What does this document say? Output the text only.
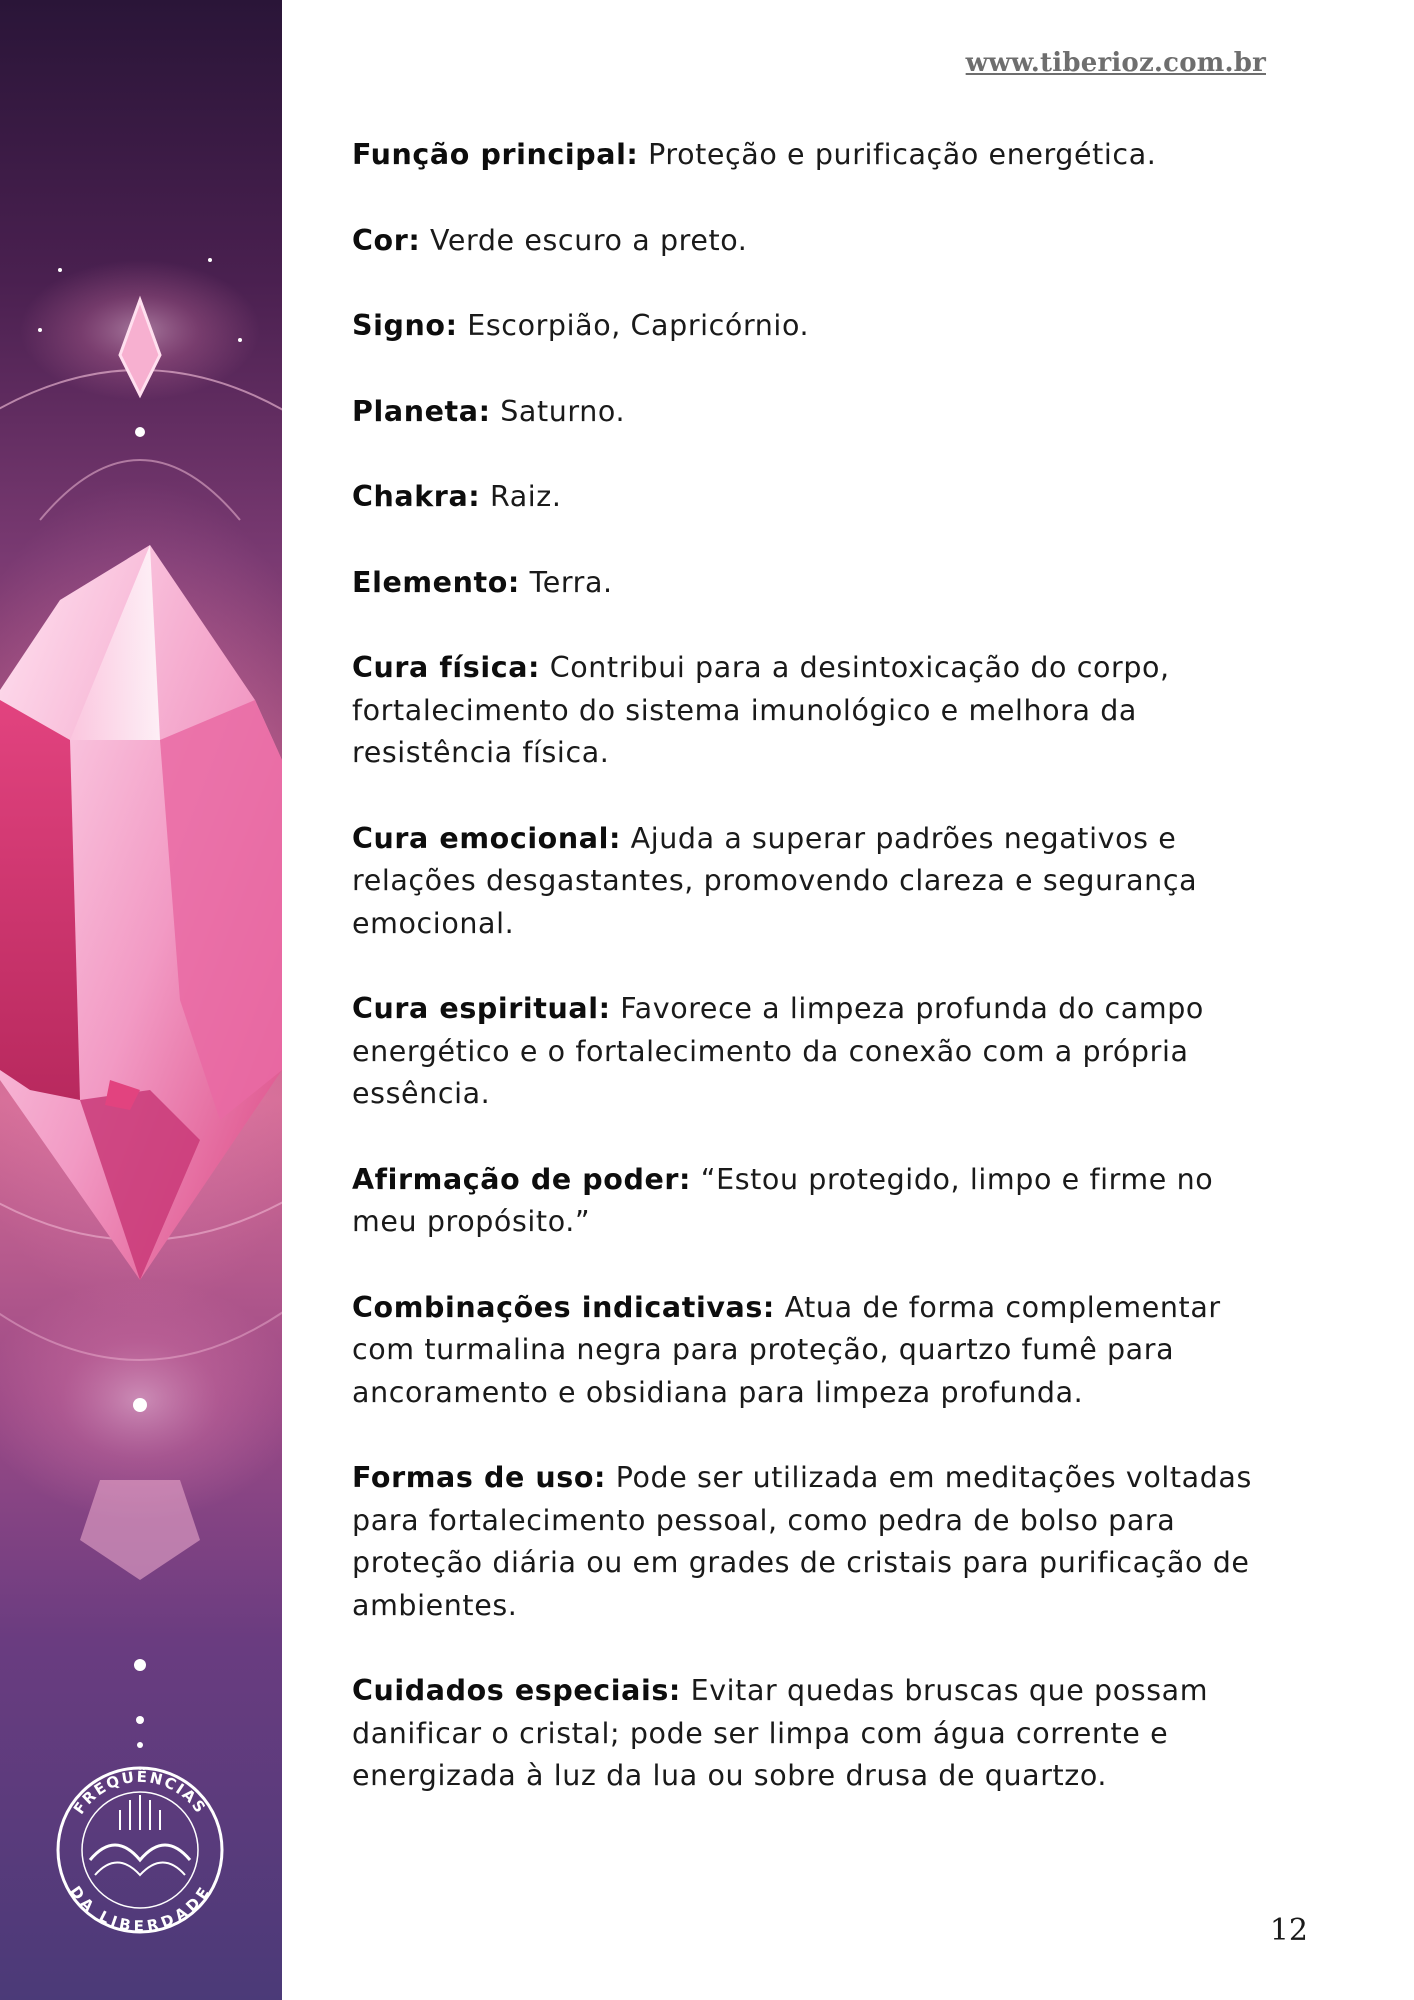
FREQUÊNCIAS
DA LIBERDADE
www.tiberioz.com.br

Função principal: Proteção e purificação energética.

Cor: Verde escuro a preto.

Signo: Escorpião, Capricórnio.

Planeta: Saturno.

Chakra: Raiz.

Elemento: Terra.

Cura física: Contribui para a desintoxicação do corpo, fortalecimento do sistema imunológico e melhora da resistência física.

Cura emocional: Ajuda a superar padrões negativos e relações desgastantes, promovendo clareza e segurança emocional.

Cura espiritual: Favorece a limpeza profunda do campo energético e o fortalecimento da conexão com a própria essência.

Afirmação de poder: “Estou protegido, limpo e firme no meu propósito.”

Combinações indicativas: Atua de forma complementar com turmalina negra para proteção, quartzo fumê para ancoramento e obsidiana para limpeza profunda.

Formas de uso: Pode ser utilizada em meditações voltadas para fortalecimento pessoal, como pedra de bolso para proteção diária ou em grades de cristais para purificação de ambientes.

Cuidados especiais: Evitar quedas bruscas que possam danificar o cristal; pode ser limpa com água corrente e energizada à luz da lua ou sobre drusa de quartzo.

12
